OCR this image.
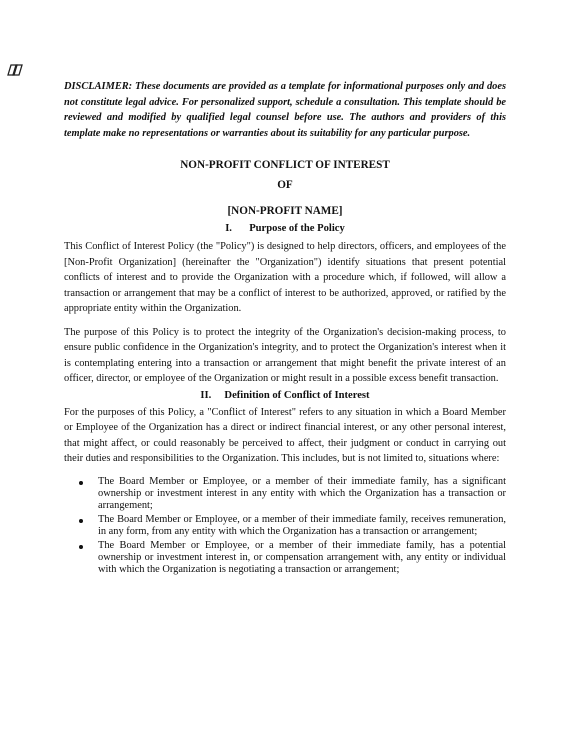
DISCLAIMER: These documents are provided as a template for informational purposes only and does not constitute legal advice. For personalized support, schedule a consultation. This template should be reviewed and modified by qualified legal counsel before use. The authors and providers of this template make no representations or warranties about its suitability for any particular purpose.

NON-PROFIT CONFLICT OF INTEREST

OF

[NON-PROFIT NAME]

I. Purpose of the Policy

This Conflict of Interest Policy (the "Policy") is designed to help directors, officers, and employees of the [Non-Profit Organization] (hereinafter the "Organization") identify situations that present potential conflicts of interest and to provide the Organization with a procedure which, if followed, will allow a transaction or arrangement that may be a conflict of interest to be authorized, approved, or ratified by the appropriate entity within the Organization.

The purpose of this Policy is to protect the integrity of the Organization's decision-making process, to ensure public confidence in the Organization's integrity, and to protect the Organization's interest when it is contemplating entering into a transaction or arrangement that might benefit the private interest of an officer, director, or employee of the Organization or might result in a possible excess benefit transaction.

II. Definition of Conflict of Interest

For the purposes of this Policy, a "Conflict of Interest" refers to any situation in which a Board Member or Employee of the Organization has a direct or indirect financial interest, or any other personal interest, that might affect, or could reasonably be perceived to affect, their judgment or conduct in carrying out their duties and responsibilities to the Organization. This includes, but is not limited to, situations where:

The Board Member or Employee, or a member of their immediate family, has a significant ownership or investment interest in any entity with which the Organization has a transaction or arrangement;
The Board Member or Employee, or a member of their immediate family, receives remuneration, in any form, from any entity with which the Organization has a transaction or arrangement;
The Board Member or Employee, or a member of their immediate family, has a potential ownership or investment interest in, or compensation arrangement with, any entity or individual with which the Organization is negotiating a transaction or arrangement;
